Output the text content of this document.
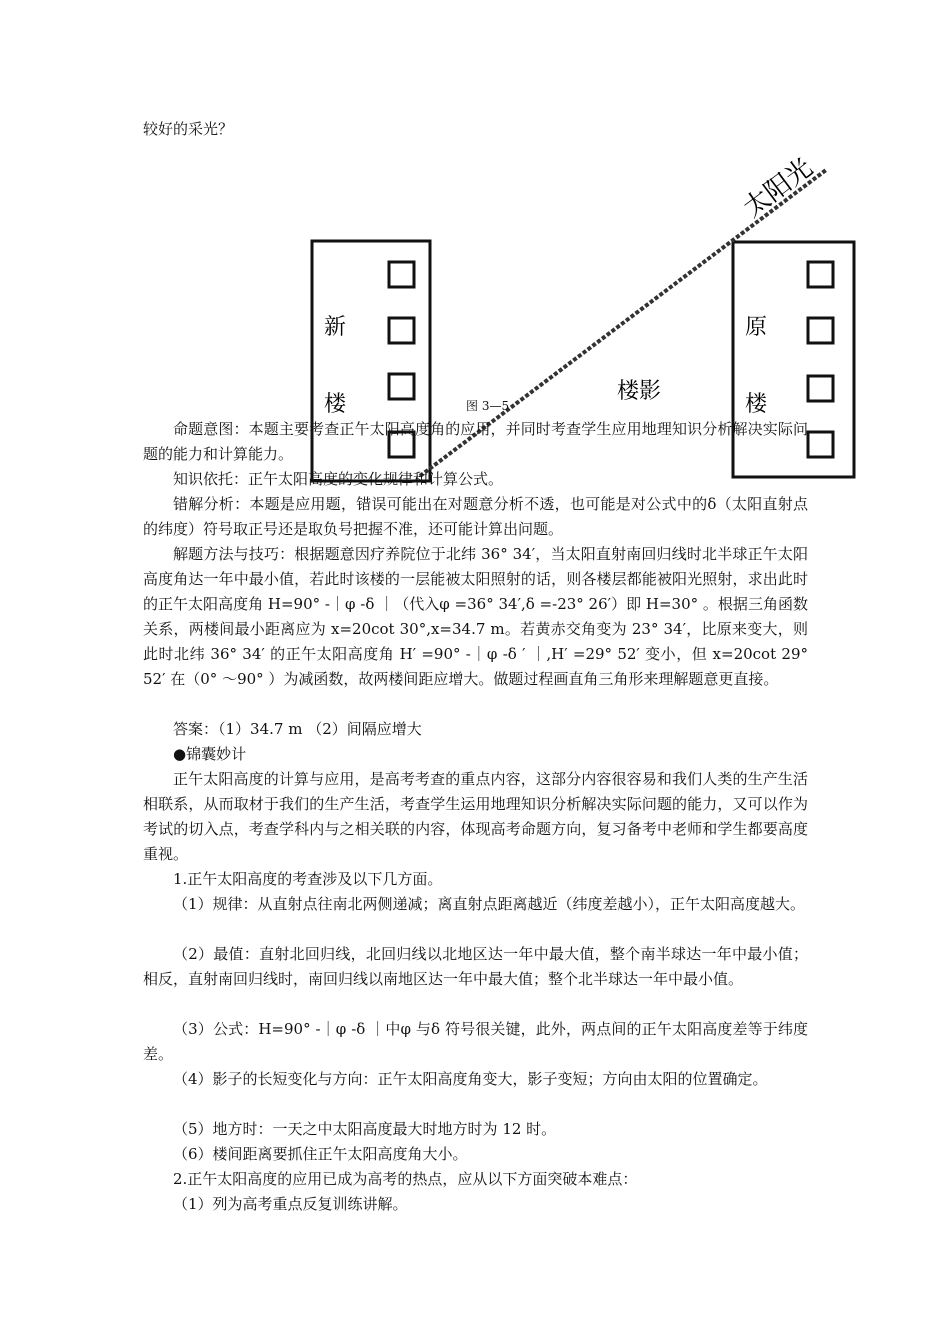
较好的采光？
新
楼
原
楼
楼影
太阳光
图 3—5
命题意图：本题主要考查正午太阳高度角的应用，并同时考查学生应用地理知识分析解决实际问题的能力和计算能力。
知识依托：正午太阳高度的变化规律和计算公式。
错解分析：本题是应用题，错误可能出在对题意分析不透，也可能是对公式中的δ（太阳直射点的纬度）符号取正号还是取负号把握不准，还可能计算出问题。
解题方法与技巧：根据题意因疗养院位于北纬 36° 34′，当太阳直射南回归线时北半球正午太阳高度角达一年中最小值，若此时该楼的一层能被太阳照射的话，则各楼层都能被阳光照射，求出此时的正午太阳高度角 H=90° -｜φ -δ ｜（代入φ =36° 34′,δ =-23° 26′）即 H=30° 。根据三角函数关系，两楼间最小距离应为 x=20cot 30°,x=34.7 m。若黄赤交角变为 23° 34′，比原来变大，则此时北纬 36° 34′ 的正午太阳高度角 H′ =90° -｜φ -δ ′ ｜,H′ =29° 52′ 变小，但 x=20cot 29° 52′ 在（0° ～90° ）为减函数，故两楼间距应增大。做题过程画直角三角形来理解题意更直接。
答案：（1）34.7 m （2）间隔应增大
●锦囊妙计
正午太阳高度的计算与应用，是高考考查的重点内容，这部分内容很容易和我们人类的生产生活相联系，从而取材于我们的生产生活，考查学生运用地理知识分析解决实际问题的能力，又可以作为考试的切入点，考查学科内与之相关联的内容，体现高考命题方向，复习备考中老师和学生都要高度重视。
1.正午太阳高度的考查涉及以下几方面。
（1）规律：从直射点往南北两侧递减；离直射点距离越近（纬度差越小），正午太阳高度越大。
（2）最值：直射北回归线，北回归线以北地区达一年中最大值，整个南半球达一年中最小值；相反，直射南回归线时，南回归线以南地区达一年中最大值；整个北半球达一年中最小值。
（3）公式：H=90° -｜φ -δ ｜中φ 与δ 符号很关键，此外，两点间的正午太阳高度差等于纬度差。
（4）影子的长短变化与方向：正午太阳高度角变大，影子变短；方向由太阳的位置确定。
（5）地方时：一天之中太阳高度最大时地方时为 12 时。
（6）楼间距离要抓住正午太阳高度角大小。
2.正午太阳高度的应用已成为高考的热点，应从以下方面突破本难点：
（1）列为高考重点反复训练讲解。
